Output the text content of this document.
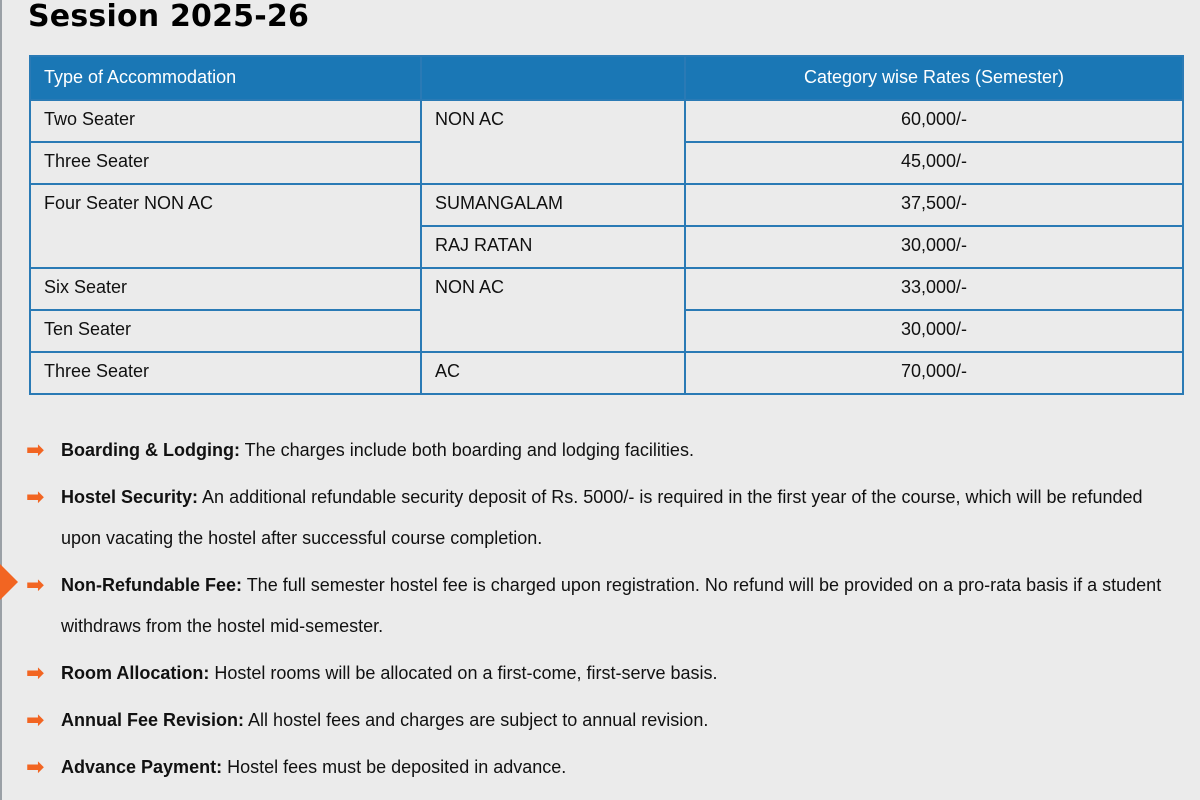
Session 2025-26
Type of Accommodation		Category wise Rates (Semester)
Two Seater	NON AC	60,000/-
Three Seater		45,000/-
Four Seater NON AC	SUMANGALAM	37,500/-
	RAJ RATAN	30,000/-
Six Seater	NON AC	33,000/-
Ten Seater		30,000/-
Three Seater	AC	70,000/-
➡ Boarding & Lodging: The charges include both boarding and lodging facilities.
➡ Hostel Security: An additional refundable security deposit of Rs. 5000/- is required in the first year of the course, which will be refunded upon vacating the hostel after successful course completion.
➡ Non-Refundable Fee: The full semester hostel fee is charged upon registration. No refund will be provided on a pro-rata basis if a student withdraws from the hostel mid-semester.
➡ Room Allocation: Hostel rooms will be allocated on a first-come, first-serve basis.
➡ Annual Fee Revision: All hostel fees and charges are subject to annual revision.
➡ Advance Payment: Hostel fees must be deposited in advance.
